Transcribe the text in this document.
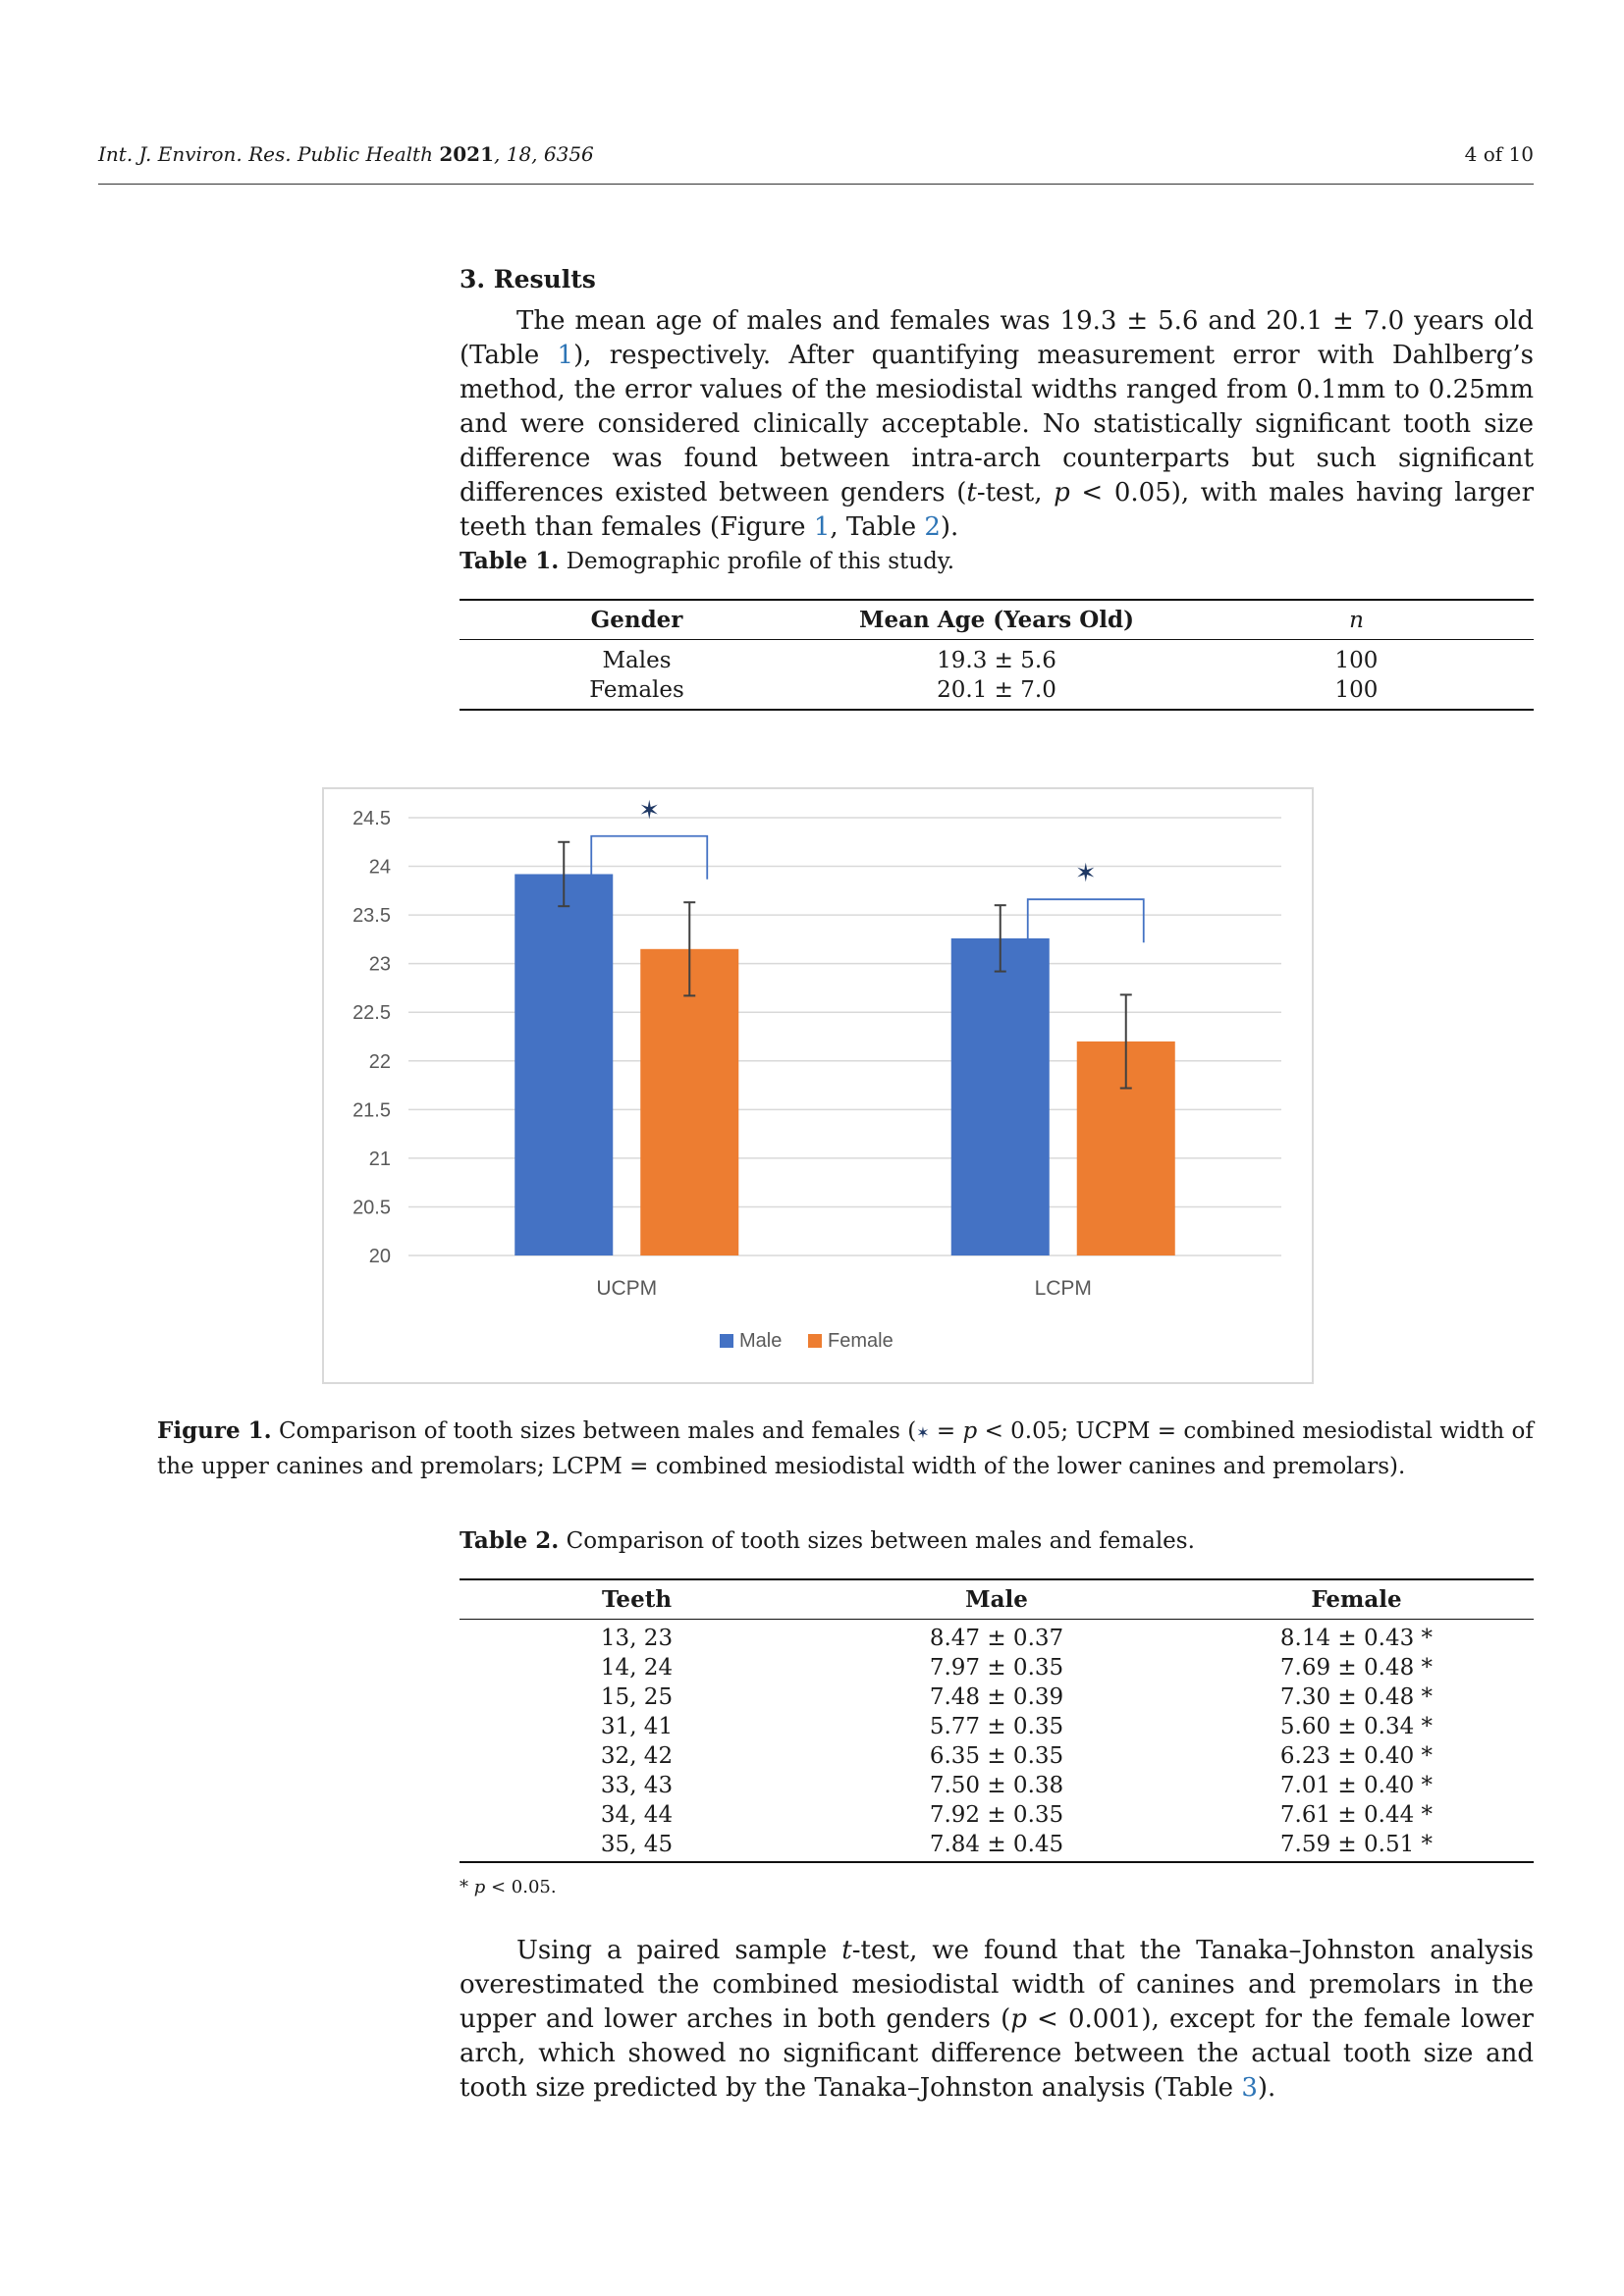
Int. J. Environ. Res. Public Health 2021, 18, 6356	4 of 10
3. Results

The mean age of males and females was 19.3 ± 5.6 and 20.1 ± 7.0 years old (Table 1), respectively. After quantifying measurement error with Dahlberg’s method, the error values of the mesiodistal widths ranged from 0.1mm to 0.25mm and were considered clinically acceptable. No statistically significant tooth size difference was found between intra-arch counterparts but such significant differences existed between genders (t-test, p < 0.05), with males having larger teeth than females (Figure 1, Table 2).

Table 1. Demographic profile of this study.
Gender	Mean Age (Years Old)	n
Males	19.3 ± 5.6	100
Females	20.1 ± 7.0	100
20
20.5
21
21.5
22
22.5
23
23.5
24
24.5
UCPM
✶
LCPM
✶
Male Female
Figure 1. Comparison of tooth sizes between males and females (✶ = p < 0.05; UCPM = combined mesiodistal width of the upper canines and premolars; LCPM = combined mesiodistal width of the lower canines and premolars).
Table 2. Comparison of tooth sizes between males and females.
Teeth	Male	Female
13, 23	8.47 ± 0.37	8.14 ± 0.43 *
14, 24	7.97 ± 0.35	7.69 ± 0.48 *
15, 25	7.48 ± 0.39	7.30 ± 0.48 *
31, 41	5.77 ± 0.35	5.60 ± 0.34 *
32, 42	6.35 ± 0.35	6.23 ± 0.40 *
33, 43	7.50 ± 0.38	7.01 ± 0.40 *
34, 44	7.92 ± 0.35	7.61 ± 0.44 *
35, 45	7.84 ± 0.45	7.59 ± 0.51 *
* p < 0.05.

Using a paired sample t-test, we found that the Tanaka–Johnston analysis overestimated the combined mesiodistal width of canines and premolars in the upper and lower arches in both genders (p < 0.001), except for the female lower arch, which showed no significant difference between the actual tooth size and tooth size predicted by the Tanaka–Johnston analysis (Table 3).
